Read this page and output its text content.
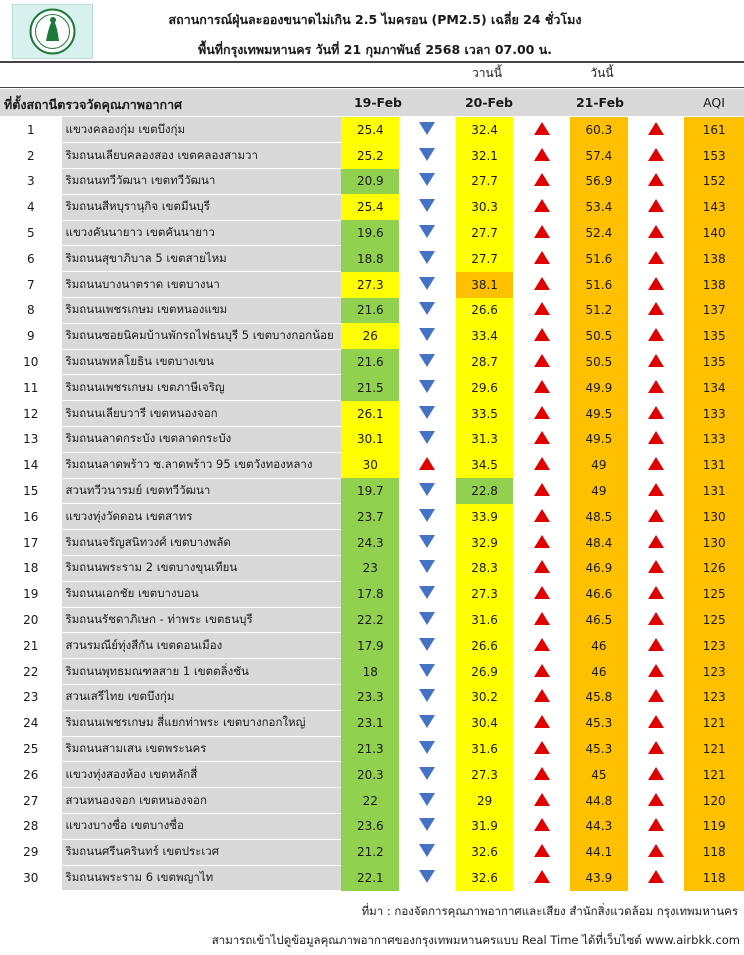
สถานการณ์ฝุ่นละอองขนาดไม่เกิน 2.5 ไมครอน (PM2.5) เฉลี่ย 24 ชั่วโมง
พื้นที่กรุงเทพมหานคร วันที่ 21 กุมภาพันธ์ 2568 เวลา 07.00 น.
วานนี้	วันนี้
ที่ตั้งสถานีตรวจวัดคุณภาพอากาศ	19-Feb	20-Feb	21-Feb	AQI
1	แขวงคลองกุ่ม เขตบึงกุ่ม	25.4		32.4		60.3		161
2	ริมถนนเลียบคลองสอง เขตคลองสามวา	25.2		32.1		57.4		153
3	ริมถนนทวีวัฒนา เขตทวีวัฒนา	20.9		27.7		56.9		152
4	ริมถนนสีหบุรานุกิจ เขตมีนบุรี	25.4		30.3		53.4		143
5	แขวงคันนายาว เขตคันนายาว	19.6		27.7		52.4		140
6	ริมถนนสุขาภิบาล 5 เขตสายไหม	18.8		27.7		51.6		138
7	ริมถนนบางนาตราด เขตบางนา	27.3		38.1		51.6		138
8	ริมถนนเพชรเกษม เขตหนองแขม	21.6		26.6		51.2		137
9	ริมถนนซอยนิคมบ้านพักรถไฟธนบุรี 5 เขตบางกอกน้อย	26		33.4		50.5		135
10	ริมถนนพหลโยธิน เขตบางเขน	21.6		28.7		50.5		135
11	ริมถนนเพชรเกษม เขตภาษีเจริญ	21.5		29.6		49.9		134
12	ริมถนนเลียบวารี เขตหนองจอก	26.1		33.5		49.5		133
13	ริมถนนลาดกระบัง เขตลาดกระบัง	30.1		31.3		49.5		133
14	ริมถนนลาดพร้าว ซ.ลาดพร้าว 95 เขตวังทองหลาง	30		34.5		49		131
15	สวนทวีวนารมย์ เขตทวีวัฒนา	19.7		22.8		49		131
16	แขวงทุ่งวัดดอน เขตสาทร	23.7		33.9		48.5		130
17	ริมถนนจรัญสนิทวงศ์ เขตบางพลัด	24.3		32.9		48.4		130
18	ริมถนนพระราม 2 เขตบางขุนเทียน	23		28.3		46.9		126
19	ริมถนนเอกชัย เขตบางบอน	17.8		27.3		46.6		125
20	ริมถนนรัชดาภิเษก - ท่าพระ เขตธนบุรี	22.2		31.6		46.5		125
21	สวนรมณีย์ทุ่งสีกัน เขตดอนเมือง	17.9		26.6		46		123
22	ริมถนนพุทธมณฑลสาย 1 เขตตลิ่งชัน	18		26.9		46		123
23	สวนเสรีไทย เขตบึงกุ่ม	23.3		30.2		45.8		123
24	ริมถนนเพชรเกษม สี่แยกท่าพระ เขตบางกอกใหญ่	23.1		30.4		45.3		121
25	ริมถนนสามเสน เขตพระนคร	21.3		31.6		45.3		121
26	แขวงทุ่งสองห้อง เขตหลักสี่	20.3		27.3		45		121
27	สวนหนองจอก เขตหนองจอก	22		29		44.8		120
28	แขวงบางซื่อ เขตบางซื่อ	23.6		31.9		44.3		119
29	ริมถนนศรีนครินทร์ เขตประเวศ	21.2		32.6		44.1		118
30	ริมถนนพระราม 6 เขตพญาไท	22.1		32.6		43.9		118
ที่มา : กองจัดการคุณภาพอากาศและเสียง สำนักสิ่งแวดล้อม กรุงเทพมหานคร
สามารถเข้าไปดูข้อมูลคุณภาพอากาศของกรุงเทพมหานครแบบ Real Time ได้ที่เว็บไซต์ www.airbkk.com
